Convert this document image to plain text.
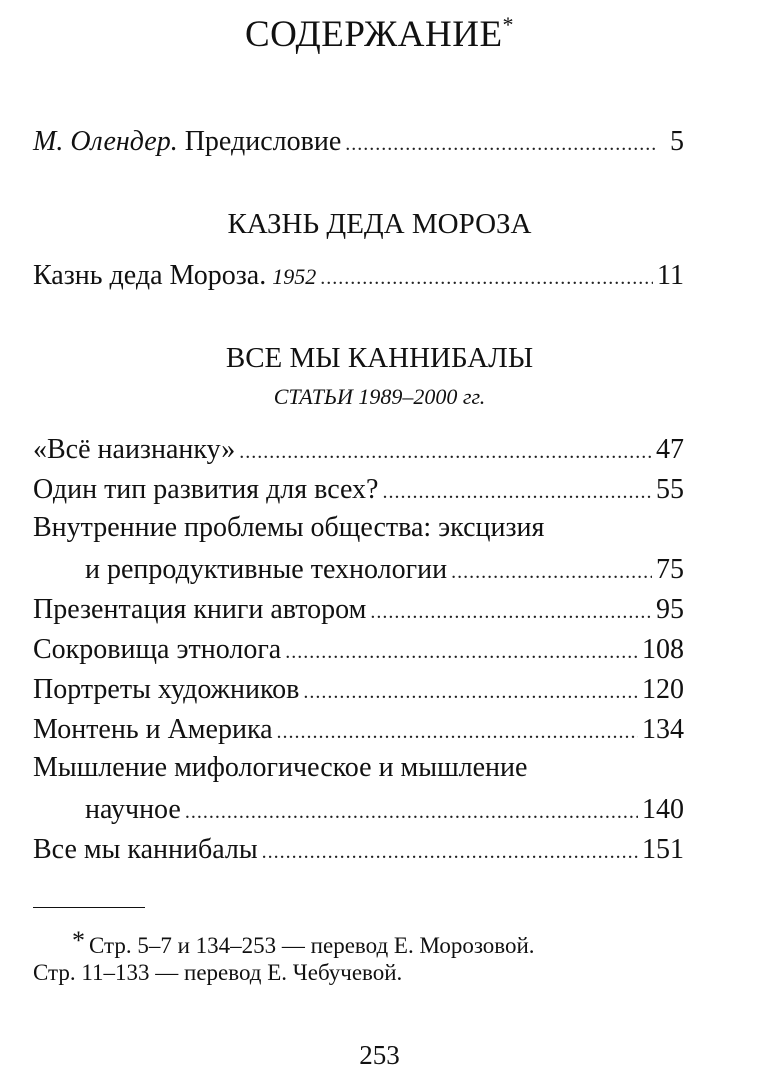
СОДЕРЖАНИЕ*
М. Олендер. Предисловие .....	5
КАЗНЬ ДЕДА МОРОЗА
Казнь деда Мороза. 1952 .....	11
ВСЕ МЫ КАННИБАЛЫ
СТАТЬИ 1989–2000 гг.
«Всё наизнанку» .....	47
Один тип развития для всех? .....	55
Внутренние проблемы общества: эксцизия
и репродуктивные технологии .....	75
Презентация книги автором .....	95
Сокровища этнолога .....	108
Портреты художников .....	120
Монтень и Америка .....	134
Мышление мифологическое и мышление
научное .....	140
Все мы каннибалы .....	151
* Стр. 5–7 и 134–253 — перевод Е. Морозовой.
Стр. 11–133 — перевод Е. Чебучевой.
253
